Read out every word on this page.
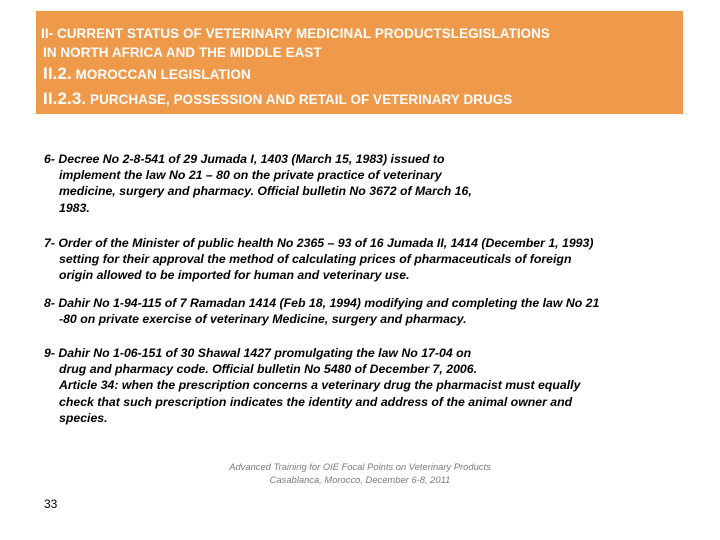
II- CURRENT STATUS OF VETERINARY MEDICINAL PRODUCTSLEGISLATIONS
IN NORTH AFRICA AND THE MIDDLE EAST
II.2. MOROCCAN LEGISLATION
II.2.3. PURCHASE, POSSESSION AND RETAIL OF VETERINARY DRUGS

6- Decree No 2-8-541 of 29 Jumada I, 1403 (March 15, 1983) issued to
implement the law No 21 – 80 on the private practice of veterinary
medicine, surgery and pharmacy. Official bulletin No 3672 of March 16,
1983.

7- Order of the Minister of public health No 2365 – 93 of 16 Jumada II, 1414 (December 1, 1993)
setting for their approval the method of calculating prices of pharmaceuticals of foreign
origin allowed to be imported for human and veterinary use.

8- Dahir No 1-94-115 of 7 Ramadan 1414 (Feb 18, 1994) modifying and completing the law No 21
-80 on private exercise of veterinary Medicine, surgery and pharmacy.

9- Dahir No 1-06-151 of 30 Shawal 1427 promulgating the law No 17-04 on
drug and pharmacy code. Official bulletin No 5480 of December 7, 2006.
Article 34: when the prescription concerns a veterinary drug the pharmacist must equally
check that such prescription indicates the identity and address of the animal owner and
species.

Advanced Training for OIE Focal Points on Veterinary Products
Casablanca, Morocco, December 6-8, 2011
33
